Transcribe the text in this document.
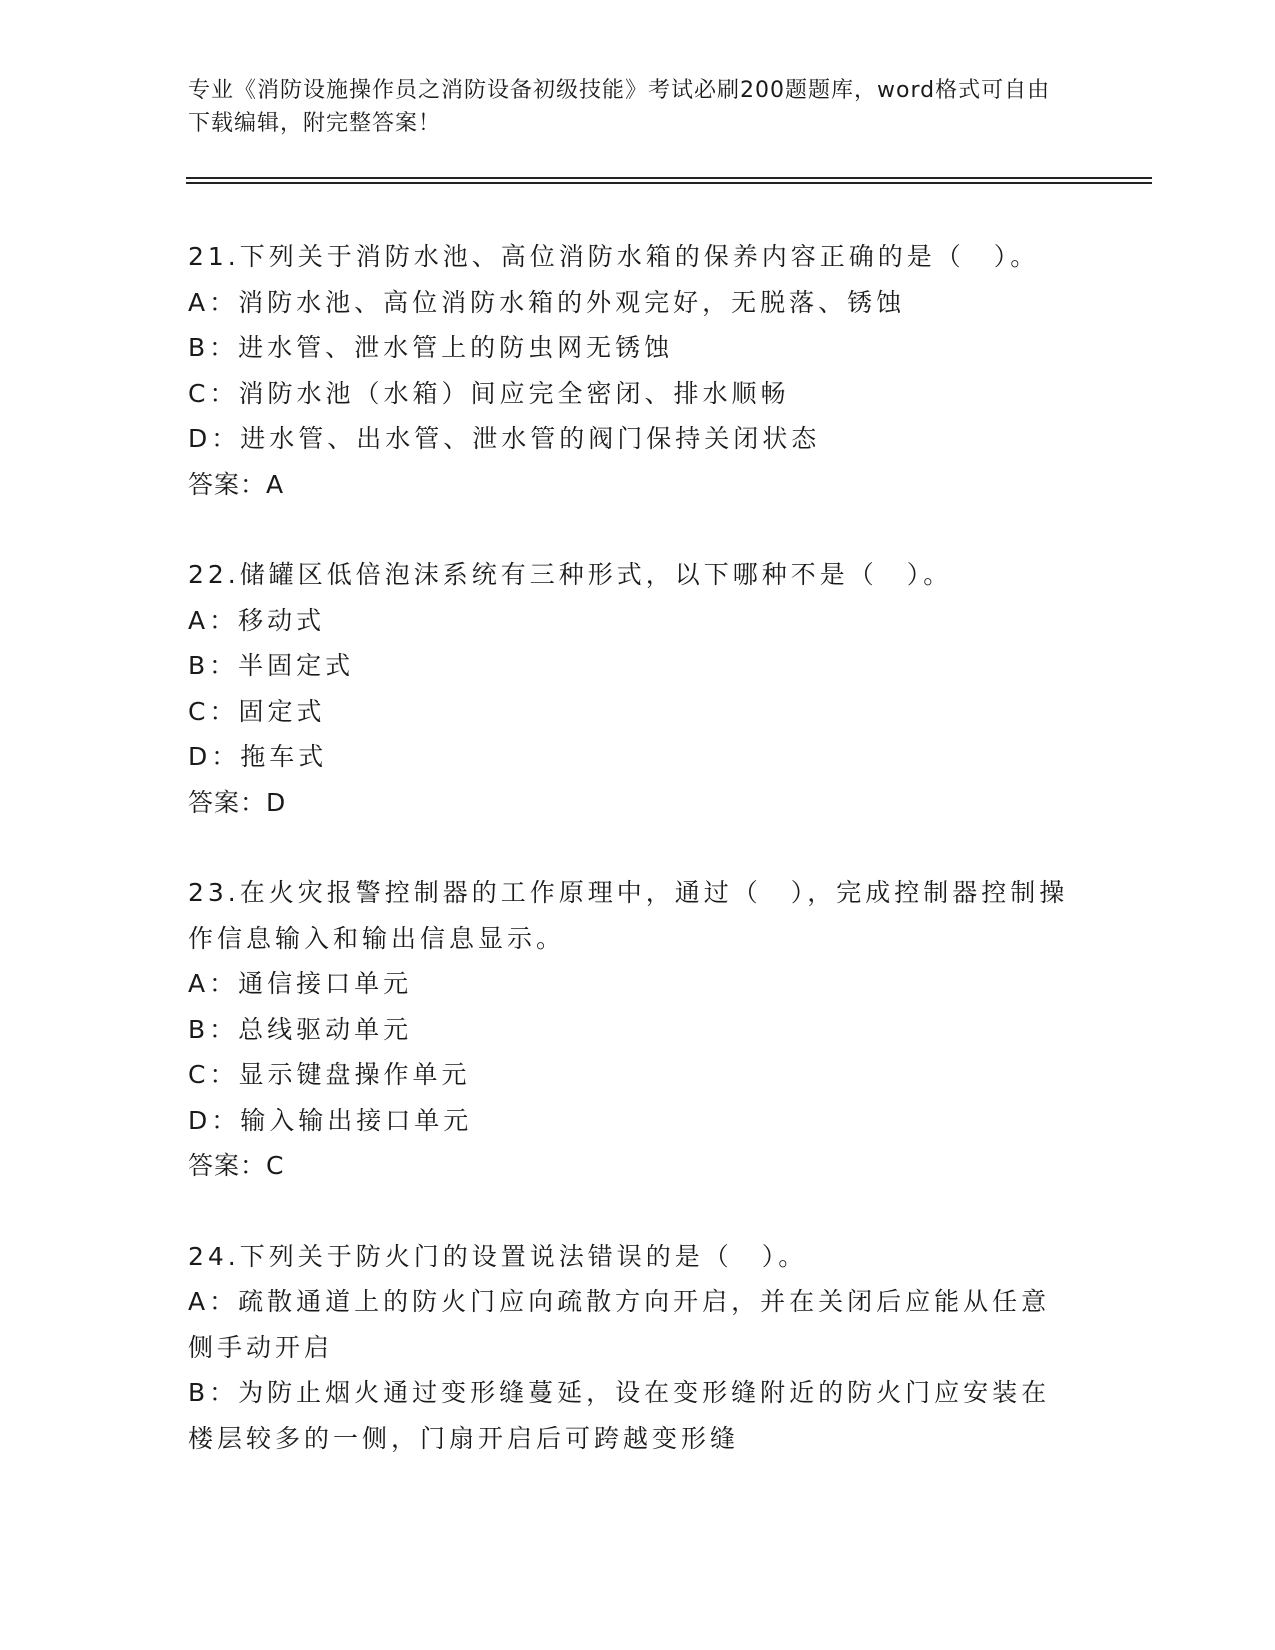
专业《消防设施操作员之消防设备初级技能》考试必刷200题题库，word格式可自由下载编辑，附完整答案！
21.下列关于消防水池、高位消防水箱的保养内容正确的是（　）。
A：消防水池、高位消防水箱的外观完好，无脱落、锈蚀
B：进水管、泄水管上的防虫网无锈蚀
C：消防水池（水箱）间应完全密闭、排水顺畅
D：进水管、出水管、泄水管的阀门保持关闭状态
答案：A
22.储罐区低倍泡沫系统有三种形式，以下哪种不是（　）。
A：移动式
B：半固定式
C：固定式
D：拖车式
答案：D
23.在火灾报警控制器的工作原理中，通过（　），完成控制器控制操作信息输入和输出信息显示。
A：通信接口单元
B：总线驱动单元
C：显示键盘操作单元
D：输入输出接口单元
答案：C
24.下列关于防火门的设置说法错误的是（　）。
A：疏散通道上的防火门应向疏散方向开启，并在关闭后应能从任意侧手动开启
B：为防止烟火通过变形缝蔓延，设在变形缝附近的防火门应安装在楼层较多的一侧，门扇开启后可跨越变形缝
